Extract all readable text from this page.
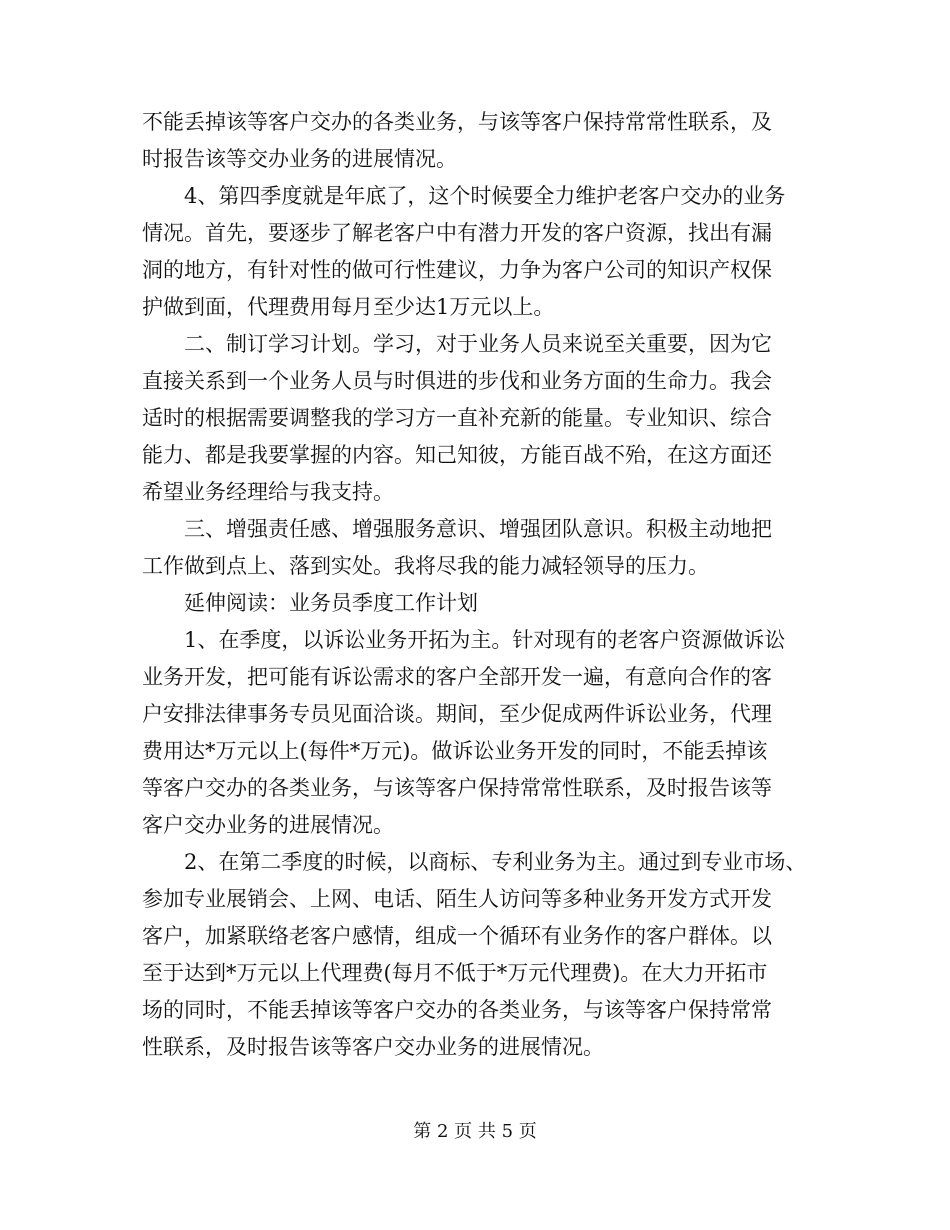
不能丢掉该等客户交办的各类业务，与该等客户保持常常性联系，及
时报告该等交办业务的进展情况。
4、第四季度就是年底了，这个时候要全力维护老客户交办的业务
情况。首先，要逐步了解老客户中有潜力开发的客户资源，找出有漏
洞的地方，有针对性的做可行性建议，力争为客户公司的知识产权保
护做到面，代理费用每月至少达1万元以上。
二、制订学习计划。学习，对于业务人员来说至关重要，因为它
直接关系到一个业务人员与时俱进的步伐和业务方面的生命力。我会
适时的根据需要调整我的学习方一直补充新的能量。专业知识、综合
能力、都是我要掌握的内容。知己知彼，方能百战不殆，在这方面还
希望业务经理给与我支持。
三、增强责任感、增强服务意识、增强团队意识。积极主动地把
工作做到点上、落到实处。我将尽我的能力减轻领导的压力。
延伸阅读：业务员季度工作计划
1、在季度，以诉讼业务开拓为主。针对现有的老客户资源做诉讼
业务开发，把可能有诉讼需求的客户全部开发一遍，有意向合作的客
户安排法律事务专员见面洽谈。期间，至少促成两件诉讼业务，代理
费用达*万元以上(每件*万元)。做诉讼业务开发的同时，不能丢掉该
等客户交办的各类业务，与该等客户保持常常性联系，及时报告该等
客户交办业务的进展情况。
2、在第二季度的时候，以商标、专利业务为主。通过到专业市场、
参加专业展销会、上网、电话、陌生人访问等多种业务开发方式开发
客户，加紧联络老客户感情，组成一个循环有业务作的客户群体。以
至于达到*万元以上代理费(每月不低于*万元代理费)。在大力开拓市
场的同时，不能丢掉该等客户交办的各类业务，与该等客户保持常常
性联系，及时报告该等客户交办业务的进展情况。
第 2 页 共 5 页
